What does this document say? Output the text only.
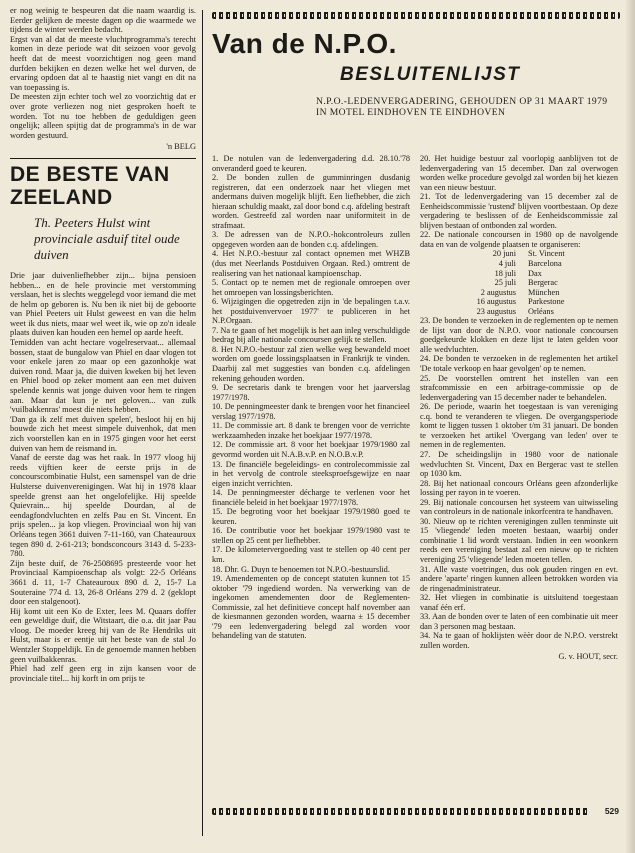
er nog weinig te bespeuren dat die naam waardig is. Eerder gelijken de meeste dagen op die waarmede we tijdens de winter werden bedacht.

Ergst van al dat de meeste vluchtprogramma's terecht komen in deze periode wat dit seizoen voor gevolg heeft dat de meest voorzichtigen nog geen mand durfden bekijken en dezen welke het wel durven, de ervaring opdoen dat al te haastig niet vangt en dit na van toepassing is.

De meesten zijn echter toch wel zo voorzichtig dat er over grote verliezen nog niet gesproken hoeft te worden. Tot nu toe hebben de geduldigen geen ongelijk; alleen spijtig dat de programma's in de war worden gestuurd.

'n BELG
DE BESTE VAN ZEELAND
Th. Peeters Hulst wint provinciale asduif titel oude duiven

Drie jaar duivenliefhebber zijn... bijna pensioen hebben... en de hele provincie met verstomming verslaan, het is slechts weggelegd voor iemand die met de helm op geboren is. Nu ben ik niet bij de geboorte van Phiel Peeters uit Hulst geweest en van die helm weet ik dus niets, maar wel weet ik, wie op zo'n ideale plaats duiven kan houden een hemel op aarde heeft.

Temidden van acht hectare vogelreservaat... allemaal bossen, staat de bungalow van Phiel en daar vlogen tot voor enkele jaren zo maar op een gazonhokje wat duiven rond. Maar ja, die duiven kweken bij het leven en Phiel bood op zeker moment aan een met duiven spelende kennis wat jonge duiven voor hem te ringen aan. Maar dat kun je net geloven... van zulk 'vuilbakkenras' moest die niets hebben.

'Dan ga ik zelf met duiven spelen', besloot hij en hij bouwde zich het meest simpele duivenhok, dat men zich voorstellen kan en in 1975 gingen voor het eerst duiven van hem de reismand in.

Vanaf de eerste dag was het raak. In 1977 vloog hij reeds vijftien keer de eerste prijs in de concourscombinatie Hulst, een samenspel van de drie Hulsterse duivenverenigingen. Wat hij in 1978 klaar speelde grenst aan het ongelofelijke. Hij speelde Quievrain... hij speelde Dourdan, al de eendagfondvluchten en zelfs Pau en St. Vincent. En prijs spelen... ja kop vliegen. Provinciaal won hij van Orléans tegen 3661 duiven 7-11-160, van Chateauroux tegen 890 d. 2-61-213; bondsconcours 3143 d. 5-233-780.

Zijn beste duif, de 76-2508695 presteerde voor het Provinciaal Kampioenschap als volgt: 22-5 Orléans 3661 d. 11, 1-7 Chateauroux 890 d. 2, 15-7 La Souteraine 774 d. 13, 26-8 Orléans 279 d. 2 (geklopt door een stalgenoot).

Hij komt uit een Ko de Exter, lees M. Quaars doffer een geweldige duif, die Witstaart, die o.a. dit jaar Pau vloog. De moeder kreeg hij van de Re Hendriks uit Hulst, maar is er eentje uit het beste van de stal Jo Wentzler Stoppeldijk. En de genoemde mannen hebben geen vuilbakkenras.

Phiel had zelf geen erg in zijn kansen voor de provinciale titel... hij korft in om prijs te

Van de N.P.O.
BESLUITENLIJST
N.P.O.-LEDENVERGADERING, GEHOUDEN OP 31 MAART 1979 IN MOTEL EINDHOVEN TE EINDHOVEN

1. De notulen van de ledenvergadering d.d. 28.10.'78 onveranderd goed te keuren.

2. De bonden zullen de gumminringen dusdanig registreren, dat een onderzoek naar het vliegen met andermans duiven mogelijk blijft. Een liefhebber, die zich hieraan schuldig maakt, zal door bond c.q. afdeling bestraft worden. Gestreefd zal worden naar uniformiteit in de strafmaat.

3. De adressen van de N.P.O.-hokcontroleurs zullen opgegeven worden aan de bonden c.q. afdelingen.

4. Het N.P.O.-bestuur zal contact opnemen met WHZB (dus met Neerlands Postduiven Orgaan. Red.) omtrent de realisering van het nationaal kampioenschap.

5. Contact op te nemen met de regionale omroepen over het omroepen van lossingsberichten.

6. Wijzigingen die opgetreden zijn in 'de bepalingen t.a.v. het postduivenvervoer 1977' te publiceren in het N.P.Orgaan.

7. Na te gaan of het mogelijk is het aan inleg verschuldigde bedrag bij alle nationale concoursen gelijk te stellen.

8. Het N.P.O.-bestuur zal zien welke weg bewandeld moet worden om goede lossingsplaatsen in Frankrijk te vinden. Daarbij zal met suggesties van bonden c.q. afdelingen rekening gehouden worden.

9. De secretaris dank te brengen voor het jaarverslag 1977/1978.

10. De penningmeester dank te brengen voor het financieel verslag 1977/1978.

11. De commissie art. 8 dank te brengen voor de verrichte werkzaamheden inzake het boekjaar 1977/1978.

12. De commissie art. 8 voor het boekjaar 1979/1980 zal gevormd worden uit N.A.B.v.P. en N.O.B.v.P.

13. De financiële begeleidings- en controlecommissie zal in het vervolg de controle steeksproefsgewijze en naar eigen inzicht verrichten.

14. De penningmeester décharge te verlenen voor het financiële beleid in het boekjaar 1977/1978.

15. De begroting voor het boekjaar 1979/1980 goed te keuren.

16. De contributie voor het boekjaar 1979/1980 vast te stellen op 25 cent per liefhebber.

17. De kilometervergoeding vast te stellen op 40 cent per km.

18. Dhr. G. Duyn te benoemen tot N.P.O.-bestuurslid.

19. Amendementen op de concept statuten kunnen tot 15 oktober '79 ingediend worden. Na verwerking van de ingekomen amendementen door de Reglementen-Commissie, zal het definitieve concept half november aan de kiesmannen gezonden worden, waarna ± 15 december '79 een ledenvergadering belegd zal worden voor behandeling van de statuten.

20. Het huidige bestuur zal voorlopig aanblijven tot de ledenvergadering van 15 december. Dan zal overwogen worden welke procedure gevolgd zal worden bij het kiezen van een nieuw bestuur.

21. Tot de ledenvergadering van 15 december zal de Eenheidscommissie 'rustend' blijven voortbestaan. Op deze vergadering te beslissen of de Eenheidscommissie zal blijven bestaan of ontbonden zal worden.

22. De nationale concoursen in 1980 op de navolgende data en van de volgende plaatsen te organiseren:

20 juni	St. Vincent
4 juli	Barcelona
18 juli	Dax
25 juli	Bergerac
2 augustus	München
16 augustus	Parkestone
23 augustus	Orléans

23. De bonden te verzoeken in de reglementen op te nemen de lijst van door de N.P.O. voor nationale concoursen goedgekeurde klokken en deze lijst te laten gelden voor alle wedvluchten.

24. De bonden te verzoeken in de reglementen het artikel 'De totale verkoop en haar gevolgen' op te nemen.

25. De voorstellen omtrent het instellen van een strafcommissie en een arbitrage-commissie op de ledenvergadering van 15 december nader te behandelen.

26. De periode, waarin het toegestaan is van vereniging c.q. bond te veranderen te vliegen. De overgangsperiode komt te liggen tussen 1 oktober t/m 31 januari. De bonden te verzoeken het artikel 'Overgang van leden' over te nemen in de reglementen.

27. De scheidingslijn in 1980 voor de nationale wedvluchten St. Vincent, Dax en Bergerac vast te stellen op 1030 km.

28. Bij het nationaal concours Orléans geen afzonderlijke lossing per rayon in te voeren.

29. Bij nationale concoursen het systeem van uitwisseling van controleurs in de nationale inkorfcentra te handhaven.

30. Nieuw op te richten verenigingen zullen tenminste uit 15 'vliegende' leden moeten bestaan, waarbij onder combinatie 1 lid wordt verstaan. Indien in een woonkern reeds een vereniging bestaat zal een nieuw op te richten vereniging 25 'vliegende' leden moeten tellen.

31. Alle vaste voetringen, dus ook gouden ringen en evt. andere 'aparte' ringen kunnen alleen betrokken worden via de ringenadministrateur.

32. Het vliegen in combinatie is uitsluitend toegestaan vanaf één erf.

33. Aan de bonden over te laten of een combinatie uit meer dan 3 personen mag bestaan.

34. Na te gaan of hoklijsten wèèr door de N.P.O. verstrekt zullen worden.

G. v. HOUT, secr.
529
